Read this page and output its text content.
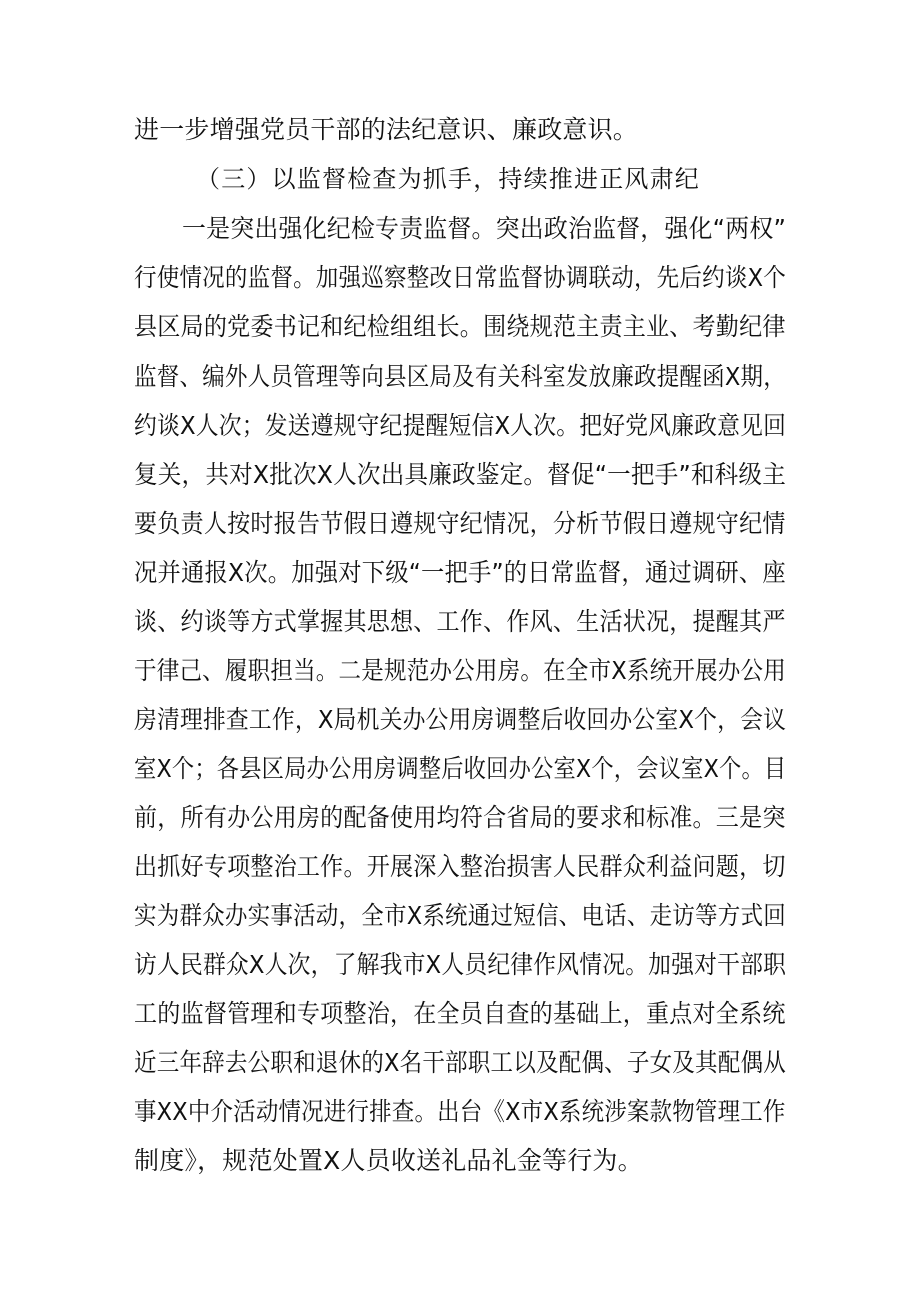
进一步增强党员干部的法纪意识、廉政意识。
（三）以监督检查为抓手，持续推进正风肃纪
一是突出强化纪检专责监督。突出政治监督，强化“两权”
行使情况的监督。加强巡察整改日常监督协调联动，先后约谈X个
县区局的党委书记和纪检组组长。围绕规范主责主业、考勤纪律
监督、编外人员管理等向县区局及有关科室发放廉政提醒函X期，
约谈X人次；发送遵规守纪提醒短信X人次。把好党风廉政意见回
复关，共对X批次X人次出具廉政鉴定。督促“一把手”和科级主
要负责人按时报告节假日遵规守纪情况，分析节假日遵规守纪情
况并通报X次。加强对下级“一把手”的日常监督，通过调研、座
谈、约谈等方式掌握其思想、工作、作风、生活状况，提醒其严
于律己、履职担当。二是规范办公用房。在全市X系统开展办公用
房清理排查工作，X局机关办公用房调整后收回办公室X个，会议
室X个；各县区局办公用房调整后收回办公室X个，会议室X个。目
前，所有办公用房的配备使用均符合省局的要求和标准。三是突
出抓好专项整治工作。开展深入整治损害人民群众利益问题，切
实为群众办实事活动，全市X系统通过短信、电话、走访等方式回
访人民群众X人次，了解我市X人员纪律作风情况。加强对干部职
工的监督管理和专项整治，在全员自查的基础上，重点对全系统
近三年辞去公职和退休的X名干部职工以及配偶、子女及其配偶从
事XX中介活动情况进行排查。出台《X市X系统涉案款物管理工作
制度》，规范处置X人员收送礼品礼金等行为。
